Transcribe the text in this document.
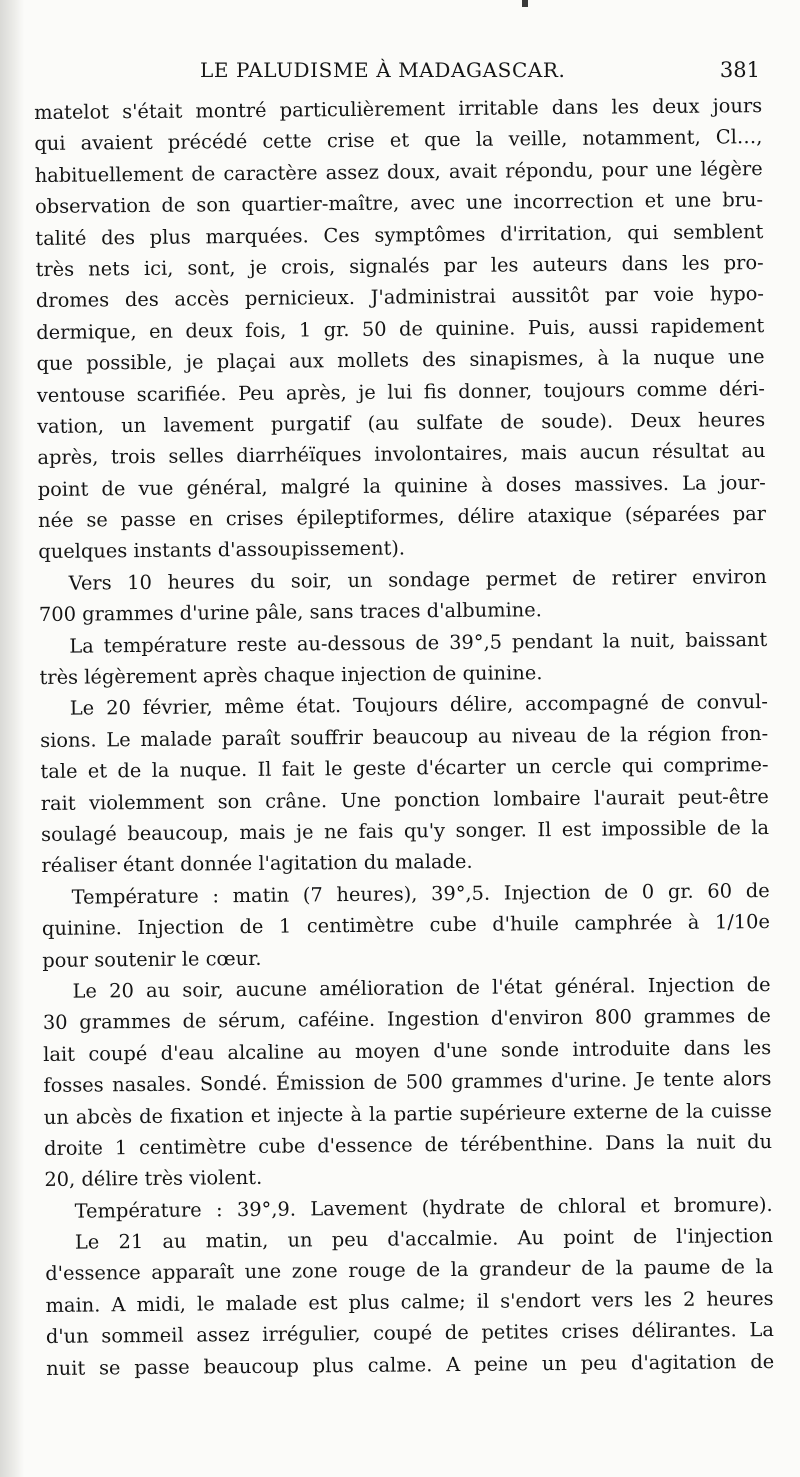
LE PALUDISME À MADAGASCAR.	381
matelot s'était montré particulièrement irritable dans les deux jours
qui avaient précédé cette crise et que la veille, notamment, Cl…,
habituellement de caractère assez doux, avait répondu, pour une légère
observation de son quartier-maître, avec une incorrection et une bru-
talité des plus marquées. Ces symptômes d'irritation, qui semblent
très nets ici, sont, je crois, signalés par les auteurs dans les pro-
dromes des accès pernicieux. J'administrai aussitôt par voie hypo-
dermique, en deux fois, 1 gr. 50 de quinine. Puis, aussi rapidement
que possible, je plaçai aux mollets des sinapismes, à la nuque une
ventouse scarifiée. Peu après, je lui fis donner, toujours comme déri-
vation, un lavement purgatif (au sulfate de soude). Deux heures
après, trois selles diarrhéïques involontaires, mais aucun résultat au
point de vue général, malgré la quinine à doses massives. La jour-
née se passe en crises épileptiformes, délire ataxique (séparées par
quelques instants d'assoupissement).
Vers 10 heures du soir, un sondage permet de retirer environ
700 grammes d'urine pâle, sans traces d'albumine.
La température reste au-dessous de 39°,5 pendant la nuit, baissant
très légèrement après chaque injection de quinine.
Le 20 février, même état. Toujours délire, accompagné de convul-
sions. Le malade paraît souffrir beaucoup au niveau de la région fron-
tale et de la nuque. Il fait le geste d'écarter un cercle qui comprime-
rait violemment son crâne. Une ponction lombaire l'aurait peut-être
soulagé beaucoup, mais je ne fais qu'y songer. Il est impossible de la
réaliser étant donnée l'agitation du malade.
Température : matin (7 heures), 39°,5. Injection de 0 gr. 60 de
quinine. Injection de 1 centimètre cube d'huile camphrée à 1/10e
pour soutenir le cœur.
Le 20 au soir, aucune amélioration de l'état général. Injection de
30 grammes de sérum, caféine. Ingestion d'environ 800 grammes de
lait coupé d'eau alcaline au moyen d'une sonde introduite dans les
fosses nasales. Sondé. Émission de 500 grammes d'urine. Je tente alors
un abcès de fixation et injecte à la partie supérieure externe de la cuisse
droite 1 centimètre cube d'essence de térébenthine. Dans la nuit du
20, délire très violent.
Température : 39°,9. Lavement (hydrate de chloral et bromure).
Le 21 au matin, un peu d'accalmie. Au point de l'injection
d'essence apparaît une zone rouge de la grandeur de la paume de la
main. A midi, le malade est plus calme; il s'endort vers les 2 heures
d'un sommeil assez irrégulier, coupé de petites crises délirantes. La
nuit se passe beaucoup plus calme. A peine un peu d'agitation de
